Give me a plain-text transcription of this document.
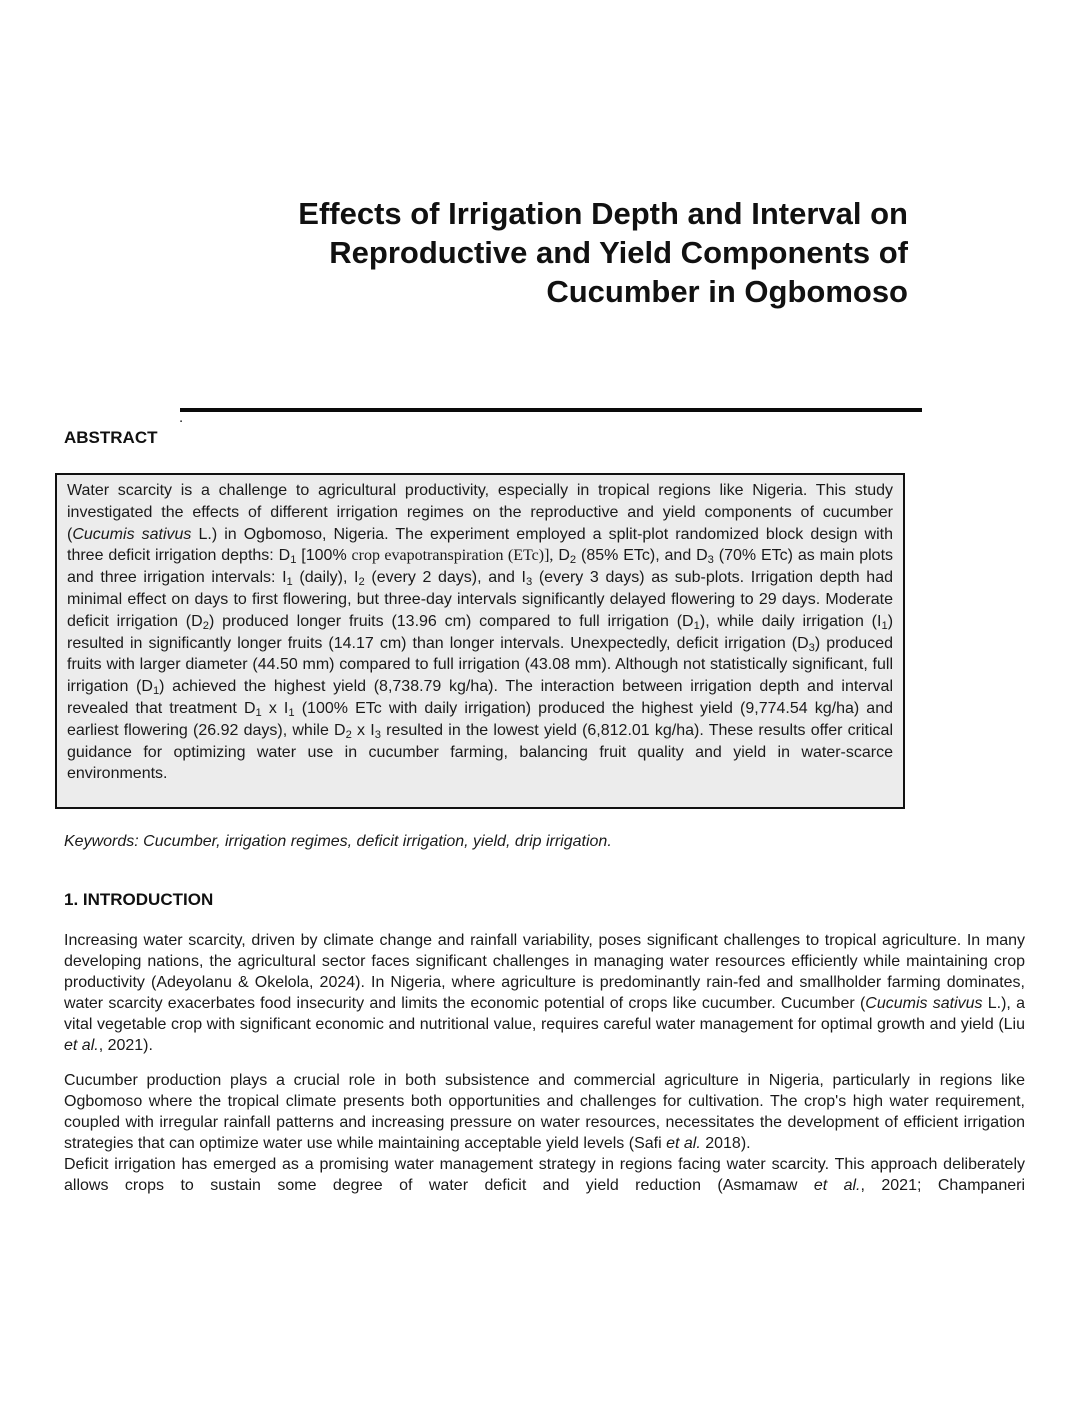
Effects of Irrigation Depth and Interval on
Reproductive and Yield Components of
Cucumber in Ogbomoso
.
ABSTRACT

Water scarcity is a challenge to agricultural productivity, especially in tropical regions like Nigeria. This study investigated the effects of different irrigation regimes on the reproductive and yield components of cucumber (Cucumis sativus L.) in Ogbomoso, Nigeria. The experiment employed a split-plot randomized block design with three deficit irrigation depths: $D_1$ [100% crop evapotranspiration (ETc)], $D_2$ (85% ETc), and $D_3$ (70% ETc) as main plots and three irrigation intervals: $I_1$ (daily), $I_2$ (every 2 days), and $I_3$ (every 3 days) as sub-plots. Irrigation depth had minimal effect on days to first flowering, but three-day intervals significantly delayed flowering to 29 days. Moderate deficit irrigation $(D_2)$ produced longer fruits (13.96 cm) compared to full irrigation $(D_1)$, while daily irrigation $(I_1)$ resulted in significantly longer fruits (14.17 cm) than longer intervals. Unexpectedly, deficit irrigation $(D_3)$ produced fruits with larger diameter (44.50 mm) compared to full irrigation (43.08 mm). Although not statistically significant, full irrigation $(D_1)$ achieved the highest yield (8,738.79 kg/ha). The interaction between irrigation depth and interval revealed that treatment $D_1$ x $I_1$ (100% ETc with daily irrigation) produced the highest yield (9,774.54 kg/ha) and earliest flowering (26.92 days), while $D_2$ x $I_3$ resulted in the lowest yield (6,812.01 kg/ha). These results offer critical guidance for optimizing water use in cucumber farming, balancing fruit quality and yield in water-scarce environments.

Keywords: Cucumber, irrigation regimes, deficit irrigation, yield, drip irrigation.

1. INTRODUCTION

Increasing water scarcity, driven by climate change and rainfall variability, poses significant challenges to tropical agriculture. In many developing nations, the agricultural sector faces significant challenges in managing water resources efficiently while maintaining crop productivity (Adeyolanu & Okelola, 2024). In Nigeria, where agriculture is predominantly rain-fed and smallholder farming dominates, water scarcity exacerbates food insecurity and limits the economic potential of crops like cucumber. Cucumber (Cucumis sativus L.), a vital vegetable crop with significant economic and nutritional value, requires careful water management for optimal growth and yield (Liu et al., 2021).

Cucumber production plays a crucial role in both subsistence and commercial agriculture in Nigeria, particularly in regions like Ogbomoso where the tropical climate presents both opportunities and challenges for cultivation. The crop's high water requirement, coupled with irregular rainfall patterns and increasing pressure on water resources, necessitates the development of efficient irrigation strategies that can optimize water use while maintaining acceptable yield levels (Safi et al. 2018).

Deficit irrigation has emerged as a promising water management strategy in regions facing water scarcity. This approach deliberately allows crops to sustain some degree of water deficit and yield reduction (Asmamaw et al., 2021; Champaneri
